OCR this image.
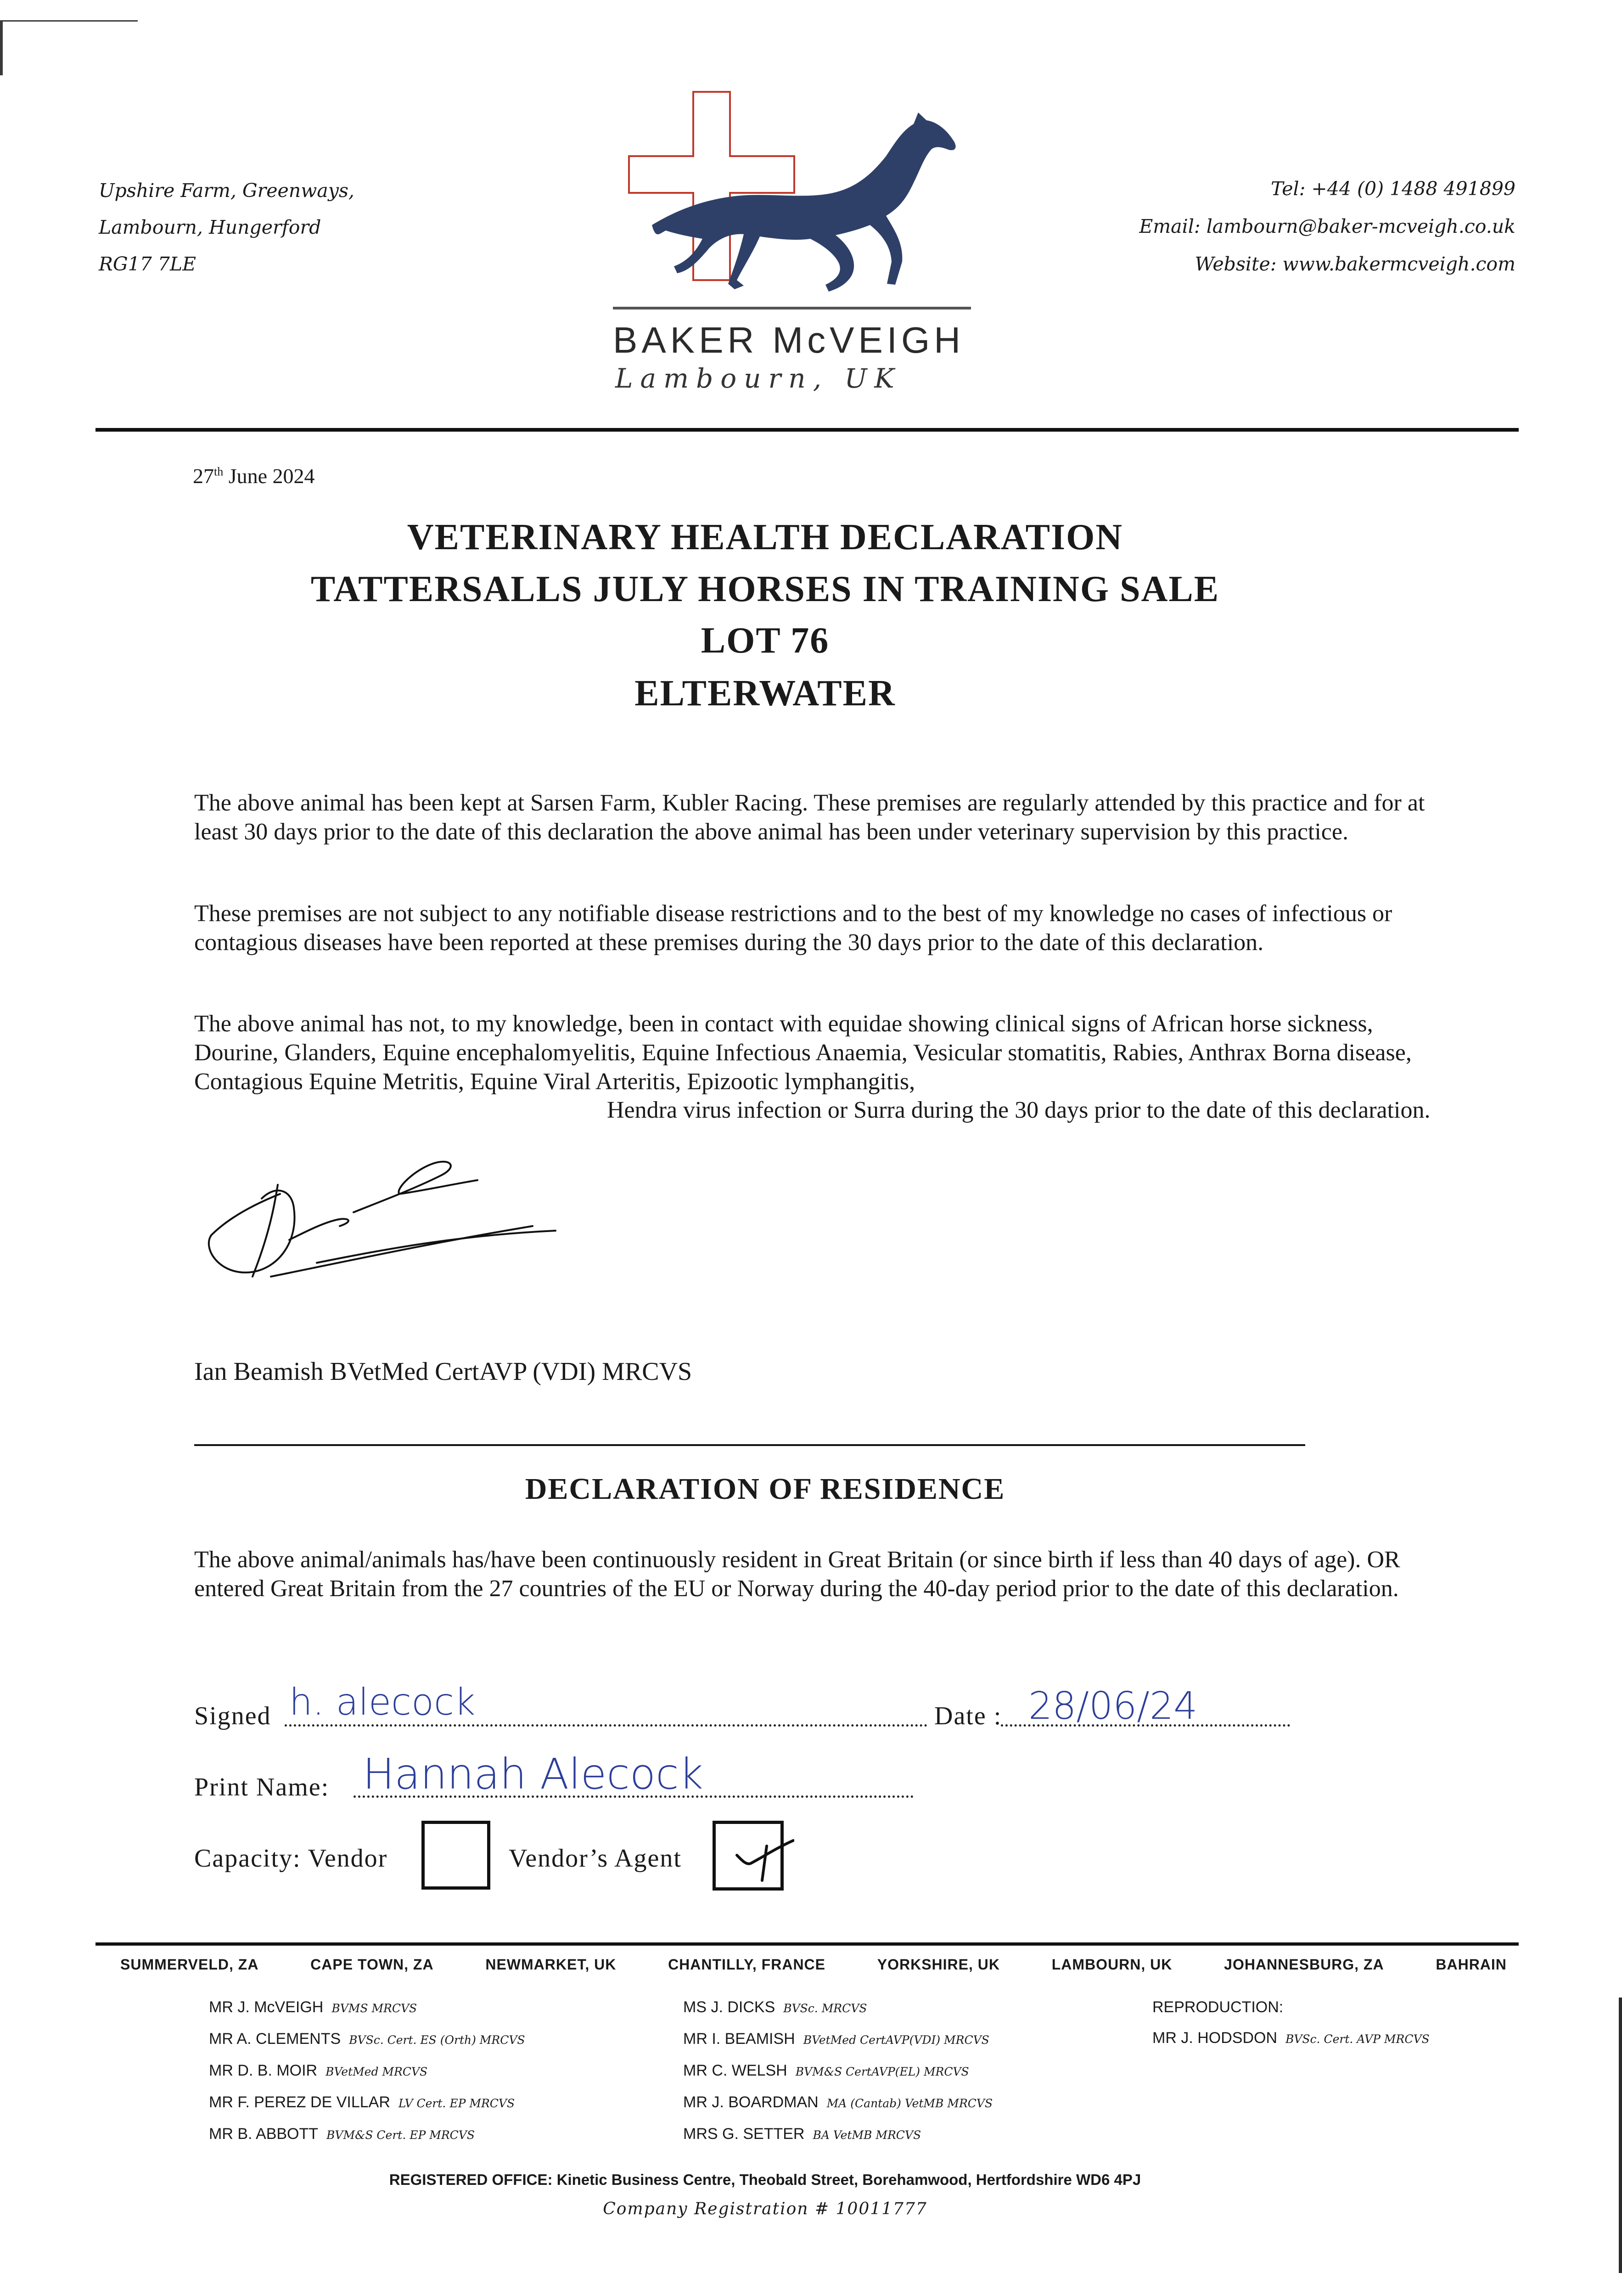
Upshire Farm, Greenways,
Lambourn, Hungerford
RG17 7LE
BAKER McVEIGH
Lambourn, UK
Tel: +44 (0) 1488 491899
Email: lambourn@baker-mcveigh.co.uk
Website: www.bakermcveigh.com
27th June 2024
VETERINARY HEALTH DECLARATION
TATTERSALLS JULY HORSES IN TRAINING SALE
LOT 76
ELTERWATER
The above animal has been kept at Sarsen Farm, Kubler Racing. These premises are regularly attended by this practice and for at least 30 days prior to the date of this declaration the above animal has been under veterinary supervision by this practice.
These premises are not subject to any notifiable disease restrictions and to the best of my knowledge no cases of infectious or contagious diseases have been reported at these premises during the 30 days prior to the date of this declaration.
The above animal has not, to my knowledge, been in contact with equidae showing clinical signs of African horse sickness, Dourine, Glanders, Equine encephalomyelitis, Equine Infectious Anaemia, Vesicular stomatitis, Rabies, Anthrax Borna disease, Contagious Equine Metritis, Equine Viral Arteritis, Epizootic lymphangitis,
Hendra virus infection or Surra during the 30 days prior to the date of this declaration.
Ian Beamish BVetMed CertAVP (VDI) MRCVS
DECLARATION OF RESIDENCE
The above animal/animals has/have been continuously resident in Great Britain (or since birth if less than 40 days of age). OR entered Great Britain from the 27 countries of the EU or Norway during the 40-day period prior to the date of this declaration.
Signed h. alecock	Date : 28/06/24
Print Name: Hannah Alecock
Capacity: Vendor	Vendor’s Agent
SUMMERVELD, ZA	CAPE TOWN, ZA	NEWMARKET, UK	CHANTILLY, FRANCE	YORKSHIRE, UK	LAMBOURN, UK	JOHANNESBURG, ZA	BAHRAIN
MR J. McVEIGH BVMS MRCVS
MR A. CLEMENTS BVSc. Cert. ES (Orth) MRCVS
MR D. B. MOIR BVetMed MRCVS
MR F. PEREZ DE VILLAR LV Cert. EP MRCVS
MR B. ABBOTT BVM&S Cert. EP MRCVS
MS J. DICKS BVSc. MRCVS
MR I. BEAMISH BVetMed CertAVP(VDI) MRCVS
MR C. WELSH BVM&S CertAVP(EL) MRCVS
MR J. BOARDMAN MA (Cantab) VetMB MRCVS
MRS G. SETTER BA VetMB MRCVS
REPRODUCTION:
MR J. HODSDON BVSc. Cert. AVP MRCVS
REGISTERED OFFICE: Kinetic Business Centre, Theobald Street, Borehamwood, Hertfordshire WD6 4PJ
Company Registration # 10011777
